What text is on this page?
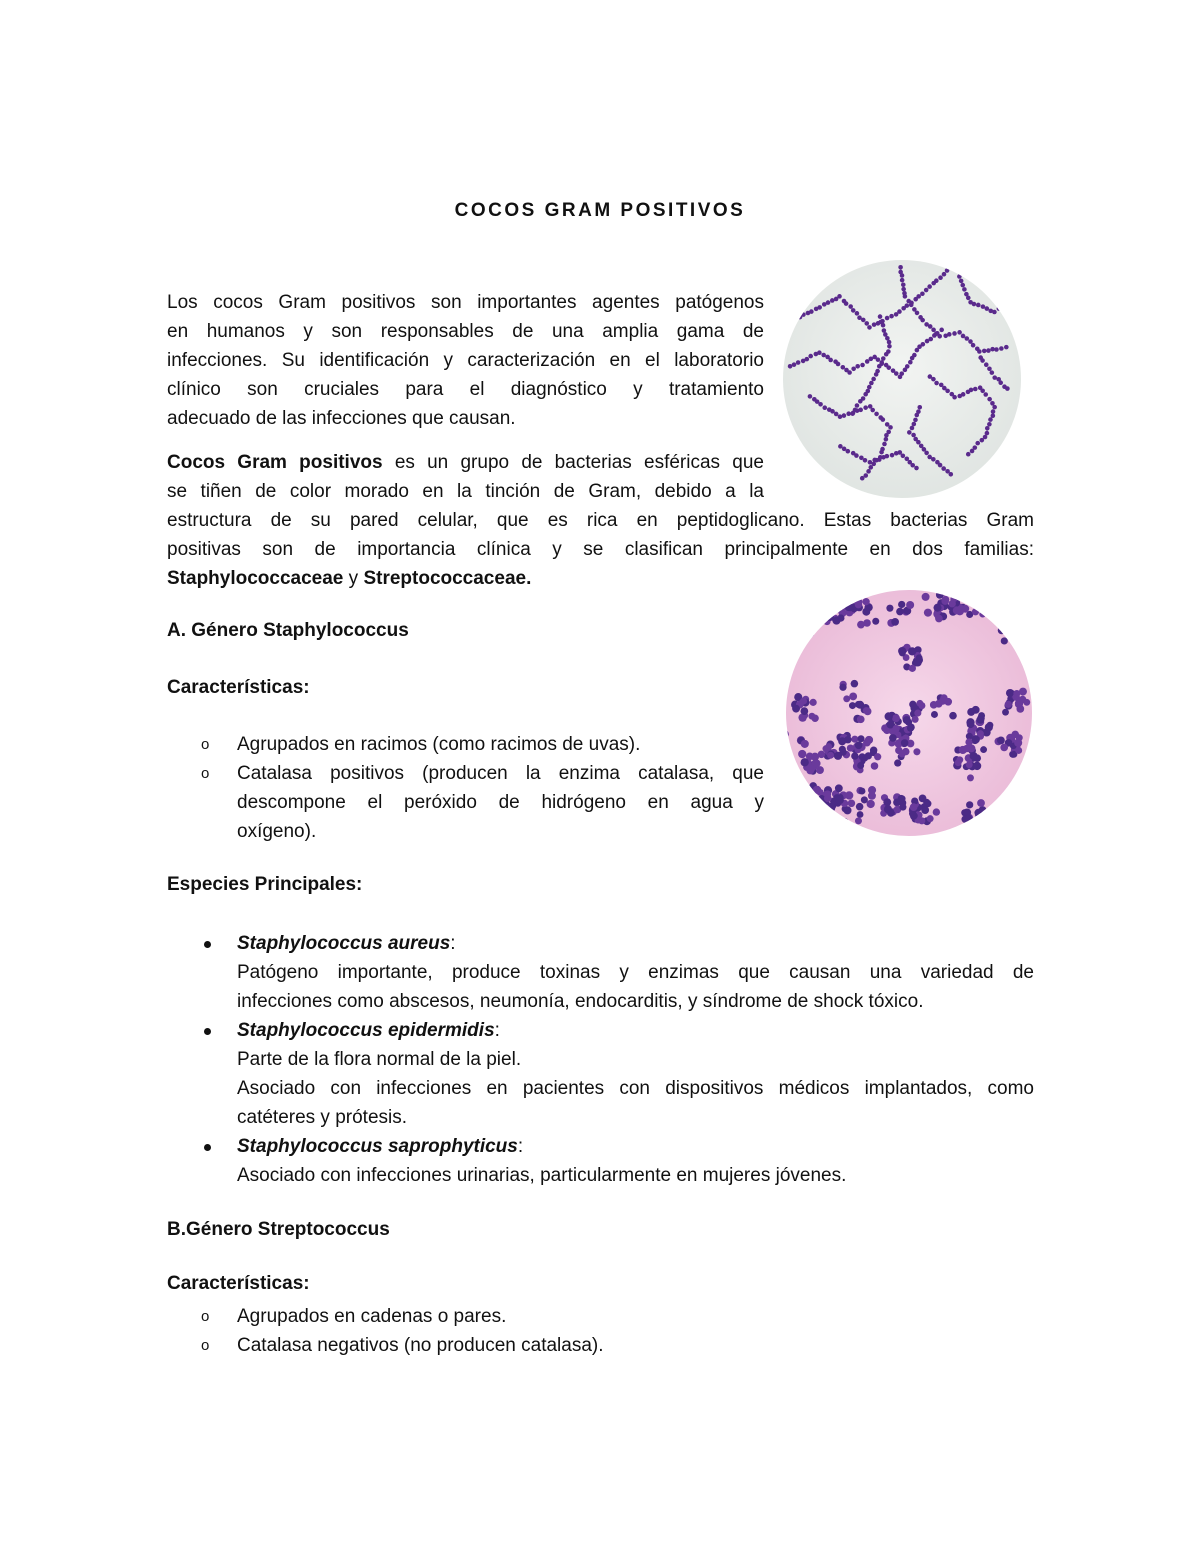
COCOS GRAM POSITIVOS

Los cocos Gram positivos son importantes agentes patógenos

en humanos y son responsables de una amplia gama de

infecciones. Su identificación y caracterización en el laboratorio

clínico son cruciales para el diagnóstico y tratamiento

adecuado de las infecciones que causan.

Cocos Gram positivos es un grupo de bacterias esféricas que

se tiñen de color morado en la tinción de Gram, debido a la

estructura de su pared celular, que es rica en peptidoglicano. Estas bacterias Gram

positivas son de importancia clínica y se clasifican principalmente en dos familias:

Staphylococcaceae y Streptococcaceae.

A. Género Staphylococcus
Características:
o Agrupados en racimos (como racimos de uvas).

o Catalasa positivos (producen la enzima catalasa, que

descompone el peróxido de hidrógeno en agua y

oxígeno).

Especies Principales:

Staphylococcus aureus:

Patógeno importante, produce toxinas y enzimas que causan una variedad de

infecciones como abscesos, neumonía, endocarditis, y síndrome de shock tóxico.

Staphylococcus epidermidis:

Parte de la flora normal de la piel.

Asociado con infecciones en pacientes con dispositivos médicos implantados, como

catéteres y prótesis.

Staphylococcus saprophyticus:

Asociado con infecciones urinarias, particularmente en mujeres jóvenes.

B.Género Streptococcus
Características:
o Agrupados en cadenas o pares.

o Catalasa negativos (no producen catalasa).
